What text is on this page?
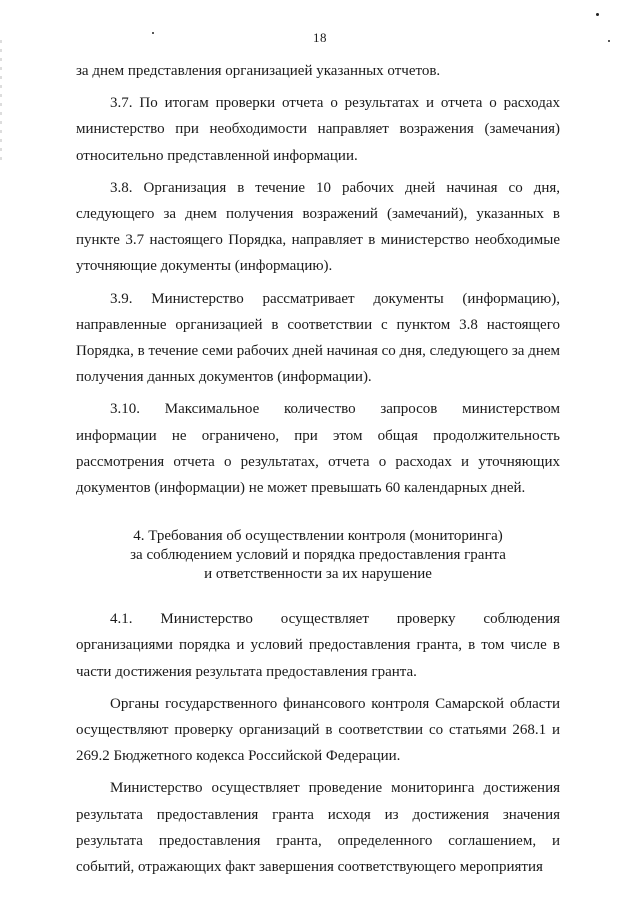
18

за днем представления организацией указанных отчетов.

3.7. По итогам проверки отчета о результатах и отчета о расходах министерство при необходимости направляет возражения (замечания) относительно представленной информации.

3.8. Организация в течение 10 рабочих дней начиная со дня, следующего за днем получения возражений (замечаний), указанных в пункте 3.7 настоящего Порядка, направляет в министерство необходимые уточняющие документы (информацию).

3.9. Министерство рассматривает документы (информацию), направленные организацией в соответствии с пунктом 3.8 настоящего Порядка, в течение семи рабочих дней начиная со дня, следующего за днем получения данных документов (информации).

3.10. Максимальное количество запросов министерством информации не ограничено, при этом общая продолжительность рассмотрения отчета о результатах, отчета о расходах и уточняющих документов (информации) не может превышать 60 календарных дней.

4. Требования об осуществлении контроля (мониторинга)
за соблюдением условий и порядка предоставления гранта
и ответственности за их нарушение

4.1. Министерство осуществляет проверку соблюдения организациями порядка и условий предоставления гранта, в том числе в части достижения результата предоставления гранта.

Органы государственного финансового контроля Самарской области осуществляют проверку организаций в соответствии со статьями 268.1 и 269.2 Бюджетного кодекса Российской Федерации.

Министерство осуществляет проведение мониторинга достижения результата предоставления гранта исходя из достижения значения результата предоставления гранта, определенного соглашением, и событий, отражающих факт завершения соответствующего мероприятия
